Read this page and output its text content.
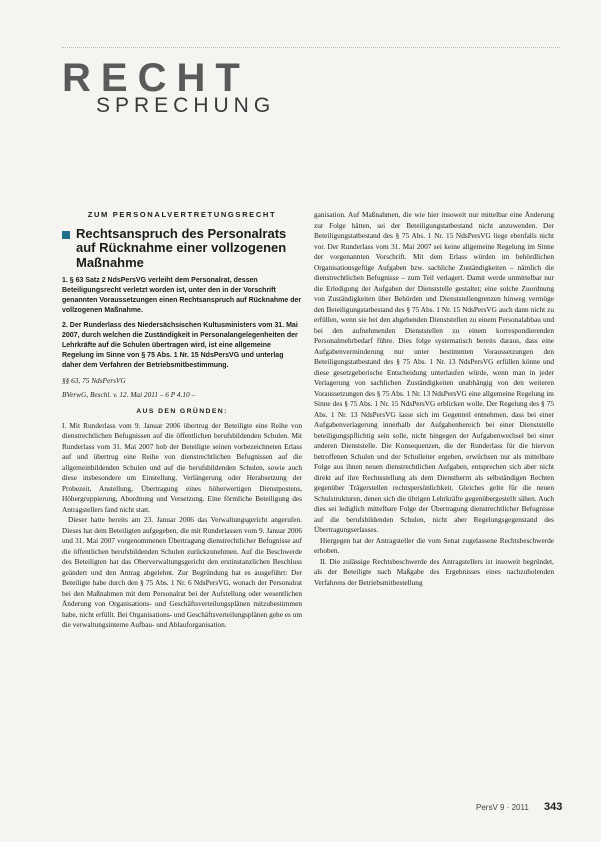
RECHT
SPRECHUNG
ZUM PERSONALVERTRETUNGSRECHT
Rechtsanspruch des Personalrats auf Rücknahme einer vollzogenen Maßnahme

1. § 63 Satz 2 NdsPersVG verleiht dem Personalrat, dessen Beteiligungsrecht verletzt worden ist, unter den in der Vorschrift genannten Voraussetzungen einen Rechtsanspruch auf Rücknahme der vollzogenen Maßnahme.

2. Der Runderlass des Niedersächsischen Kultusministers vom 31. Mai 2007, durch welchen die Zuständigkeit in Personalangelegenheiten der Lehrkräfte auf die Schulen übertragen wird, ist eine allgemeine Regelung im Sinne von § 75 Abs. 1 Nr. 15 NdsPersVG und unterlag daher dem Verfahren der Betriebsmitbestimmung.

§§ 63, 75 NdsPersVG

BVerwG, Beschl. v. 12. Mai 2011 – 6 P 4.10 –

AUS DEN GRÜNDEN:

I. Mit Runderlass vom 9. Januar 2006 übertrug der Beteiligte eine Reihe von dienstrechtlichen Befugnissen auf die öffentlichen berufsbildenden Schulen. Mit Runderlass vom 31. Mai 2007 hob der Beteiligte seinen vorbezeichneten Erlass auf und übertrug eine Reihe von dienstrechtlichen Befugnissen auf die allgemeinbildenden Schulen und auf die berufsbildenden Schulen, sowie auch diese insbesondere um Einstellung, Verlängerung oder Herabsetzung der Probezeit, Anstellung, Übertragung eines höherwertigen Dienstpostens, Höhergruppierung, Abordnung und Versetzung. Eine förmliche Beteiligung des Antragstellers fand nicht statt.

Dieser hatte bereits am 23. Januar 2006 das Verwaltungsgericht angerufen. Dieses hat dem Beteiligten aufgegeben, die mit Runderlassen vom 9. Januar 2006 und 31. Mai 2007 vorgenommenen Übertragung dienstrechtlicher Befugnisse auf die öffentlichen berufsbildenden Schulen zurückzunehmen. Auf die Beschwerde des Beteiligten hat das Oberverwaltungsgericht den erstinstanzlichen Beschluss geändert und den Antrag abgelehnt. Zur Begründung hat es ausgeführt: Der Beteiligte habe durch den § 75 Abs. 1 Nr. 6 NdsPersVG, wonach der Personalrat bei den Maßnahmen mit dem Personalrat bei der Aufstellung oder wesentlichen Änderung von Organisations- und Geschäftsverteilungsplänen mitzubestimmen habe, nicht erfüllt. Bei Organisations- und Geschäftsverteilungsplänen gehe es um die verwaltungsinterne Aufbau- und Ablauforganisation.

ganisation. Auf Maßnahmen, die wie hier insoweit nur mittelbar eine Änderung zur Folge hätten, sei der Beteiligungstatbestand nicht anzuwenden. Der Beteiligungstatbestand des § 75 Abs. 1 Nr. 15 NdsPersVG liege ebenfalls nicht vor. Der Runderlass vom 31. Mai 2007 sei keine allgemeine Regelung im Sinne der vorgenannten Vorschrift. Mit dem Erlass würden im behördlichen Organisationsgefüge Aufgaben bzw. sachliche Zuständigkeiten – nämlich die dienstrechtlichen Befugnisse – zum Teil verlagert. Damit werde unmittelbar nur die Erledigung der Aufgaben der Dienststelle gestaltet; eine solche Zuordnung von Zuständigkeiten über Behörden und Dienststellengrenzen hinweg vermöge den Beteiligungstatbestand des § 75 Abs. 1 Nr. 15 NdsPersVG auch dann nicht zu erfüllen, wenn sie bei den abgebenden Dienststellen zu einem Personalabbau und bei den aufnehmenden Dienststellen zu einem korrespondierenden Personalmehrbedarf führe. Dies folge systematisch bereits daraus, dass eine Aufgabenverminderung nur unter bestimmten Voraussetzungen den Beteiligungstatbestand des § 75 Abs. 1 Nr. 13 NdsPersVG erfüllen könne und diese gesetzgeberische Entscheidung unterlaufen würde, wenn man in jeder Verlagerung von sachlichen Zuständigkeiten unabhängig von den weiteren Voraussetzungen des § 75 Abs. 1 Nr. 13 NdsPersVG eine allgemeine Regelung im Sinne des § 75 Abs. 1 Nr. 15 NdsPersVG erblicken wolle. Der Regelung des § 75 Abs. 1 Nr. 13 NdsPersVG lasse sich im Gegenteil entnehmen, dass bei einer Aufgabenverlagerung innerhalb der Aufgabenbereich bei einer Dienststelle beteiligungspflichtig sein solle, nicht hingegen der Aufgabenwechsel bei einer anderen Dienststelle. Die Konsequenzen, die der Runderlass für die hiervon betroffenen Schulen und der Schulleiter ergeben, erwüchsen nur als mittelbare Folge aus ihnen neuen dienstrechtlichen Aufgaben, entsprechen sich aber nicht direkt auf ihre Rechtsstellung als dem Dienstherrn als selbständigen Rechten gegenüber Trägerstellen rechtspersönlichkeit. Gleiches gelte für die neuen Schulstrukturen, denen sich die übrigen Lehrkräfte gegenübergestellt sähen. Auch dies sei lediglich mittelbare Folge der Übertragung dienstrechtlicher Befugnisse auf die berufsbildenden Schulen, nicht aber Regelungsgegenstand des Übertragungserlasses.

Hiergegen hat der Antragsteller die vom Senat zugelassene Rechtsbeschwerde erhoben.

II. Die zulässige Rechtsbeschwerde des Antragstellers ist insoweit begründet, als der Beteiligte nach Maßgabe des Ergebnisses eines nachzuholenden Verfahrens der Betriebsmitbestellung

PersV 9 · 2011 343
